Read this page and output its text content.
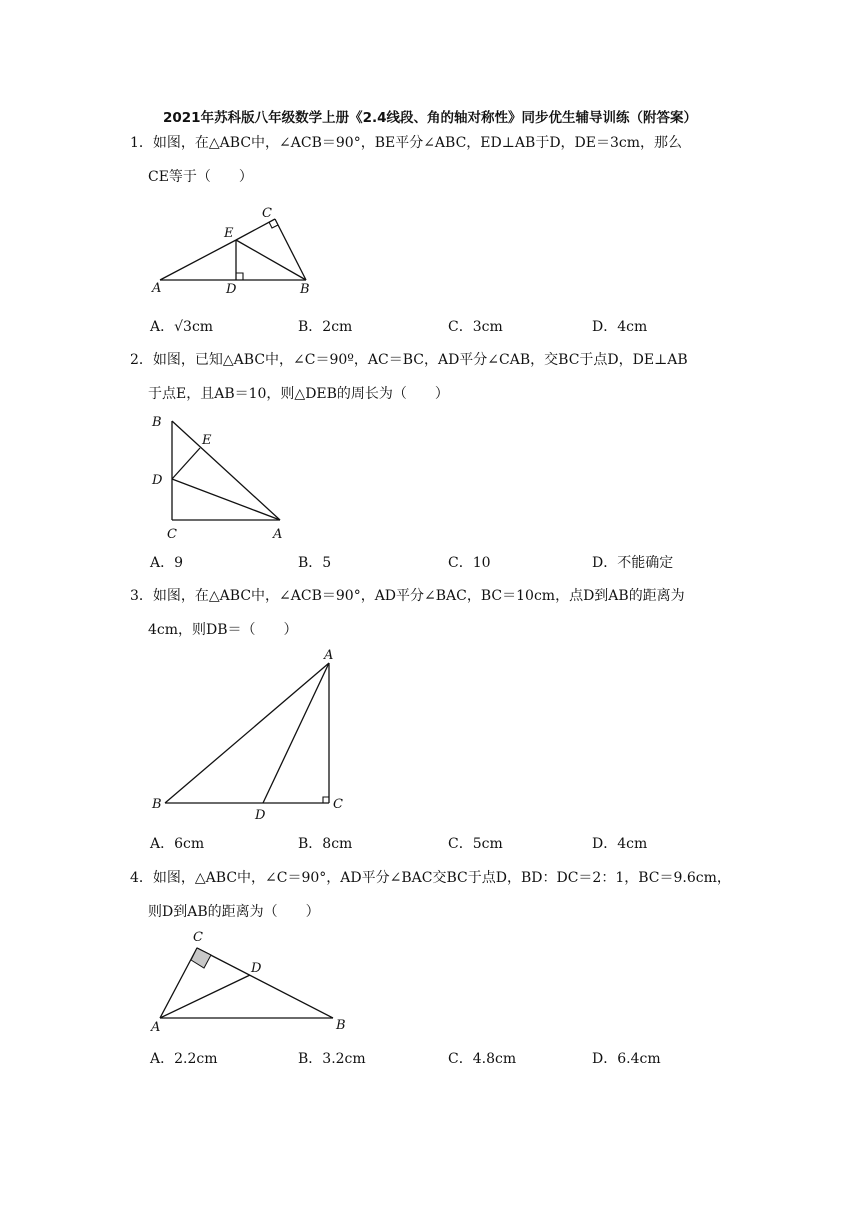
2021年苏科版八年级数学上册《2.4线段、角的轴对称性》同步优生辅导训练（附答案）
1．如图，在△ABC中，∠ACB＝90°，BE平分∠ABC，ED⊥AB于D，DE＝3cm，那么
CE等于（　　）
A	D	B
E
C
A．√3cm	B．2cm	C．3cm	D．4cm
2．如图，已知△ABC中，∠C＝90º，AC＝BC，AD平分∠CAB，交BC于点D，DE⊥AB
于点E，且AB＝10，则△DEB的周长为（　　）
B
E
D
C	A
A．9	B．5	C．10	D．不能确定
3．如图，在△ABC中，∠ACB＝90°，AD平分∠BAC，BC＝10cm，点D到AB的距离为
4cm，则DB＝（　　）
A
B
D
C
A．6cm	B．8cm	C．5cm	D．4cm
4．如图，△ABC中，∠C＝90°，AD平分∠BAC交BC于点D，BD：DC＝2：1，BC＝9.6cm，
则D到AB的距离为（　　）
C
D
A	B
A．2.2cm	B．3.2cm	C．4.8cm	D．6.4cm
